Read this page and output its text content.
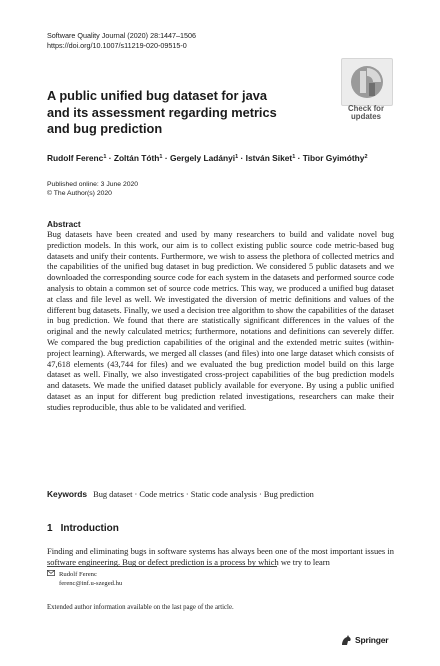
Software Quality Journal (2020) 28:1447–1506
https://doi.org/10.1007/s11219-020-09515-0
A public unified bug dataset for java
and its assessment regarding metrics
and bug prediction
Check for
updates
Rudolf Ferenc$^1$ · Zoltán Tóth$^1$ · Gergely Ladányi$^1$ · István Siket$^1$ · Tibor Gyimóthy$^2$
Published online: 3 June 2020
© The Author(s) 2020
Abstract
Bug datasets have been created and used by many researchers to build and validate novel bug prediction models. In this work, our aim is to collect existing public source code metric-based bug datasets and unify their contents. Furthermore, we wish to assess the plethora of collected metrics and the capabilities of the unified bug dataset in bug prediction. We considered 5 public datasets and we downloaded the corresponding source code for each system in the datasets and performed source code analysis to obtain a common set of source code metrics. This way, we produced a unified bug dataset at class and file level as well. We investigated the diversion of metric definitions and values of the different bug datasets. Finally, we used a decision tree algorithm to show the capabilities of the dataset in bug prediction. We found that there are statistically significant differences in the values of the original and the newly calculated metrics; furthermore, notations and definitions can severely differ. We compared the bug prediction capabilities of the original and the extended metric suites (within-project learning). Afterwards, we merged all classes (and files) into one large dataset which consists of 47,618 elements (43,744 for files) and we evaluated the bug prediction model build on this large dataset as well. Finally, we also investigated cross-project capabilities of the bug prediction models and datasets. We made the unified dataset publicly available for everyone. By using a public unified dataset as an input for different bug prediction related investigations, researchers can make their studies reproducible, thus able to be validated and verified.
Keywords Bug dataset · Code metrics · Static code analysis · Bug prediction
1 Introduction
Finding and eliminating bugs in software systems has always been one of the most important issues in software engineering. Bug or defect prediction is a process by which we try to learn
Rudolf Ferenc
ferenc@inf.u-szeged.hu
Extended author information available on the last page of the article.
Springer
